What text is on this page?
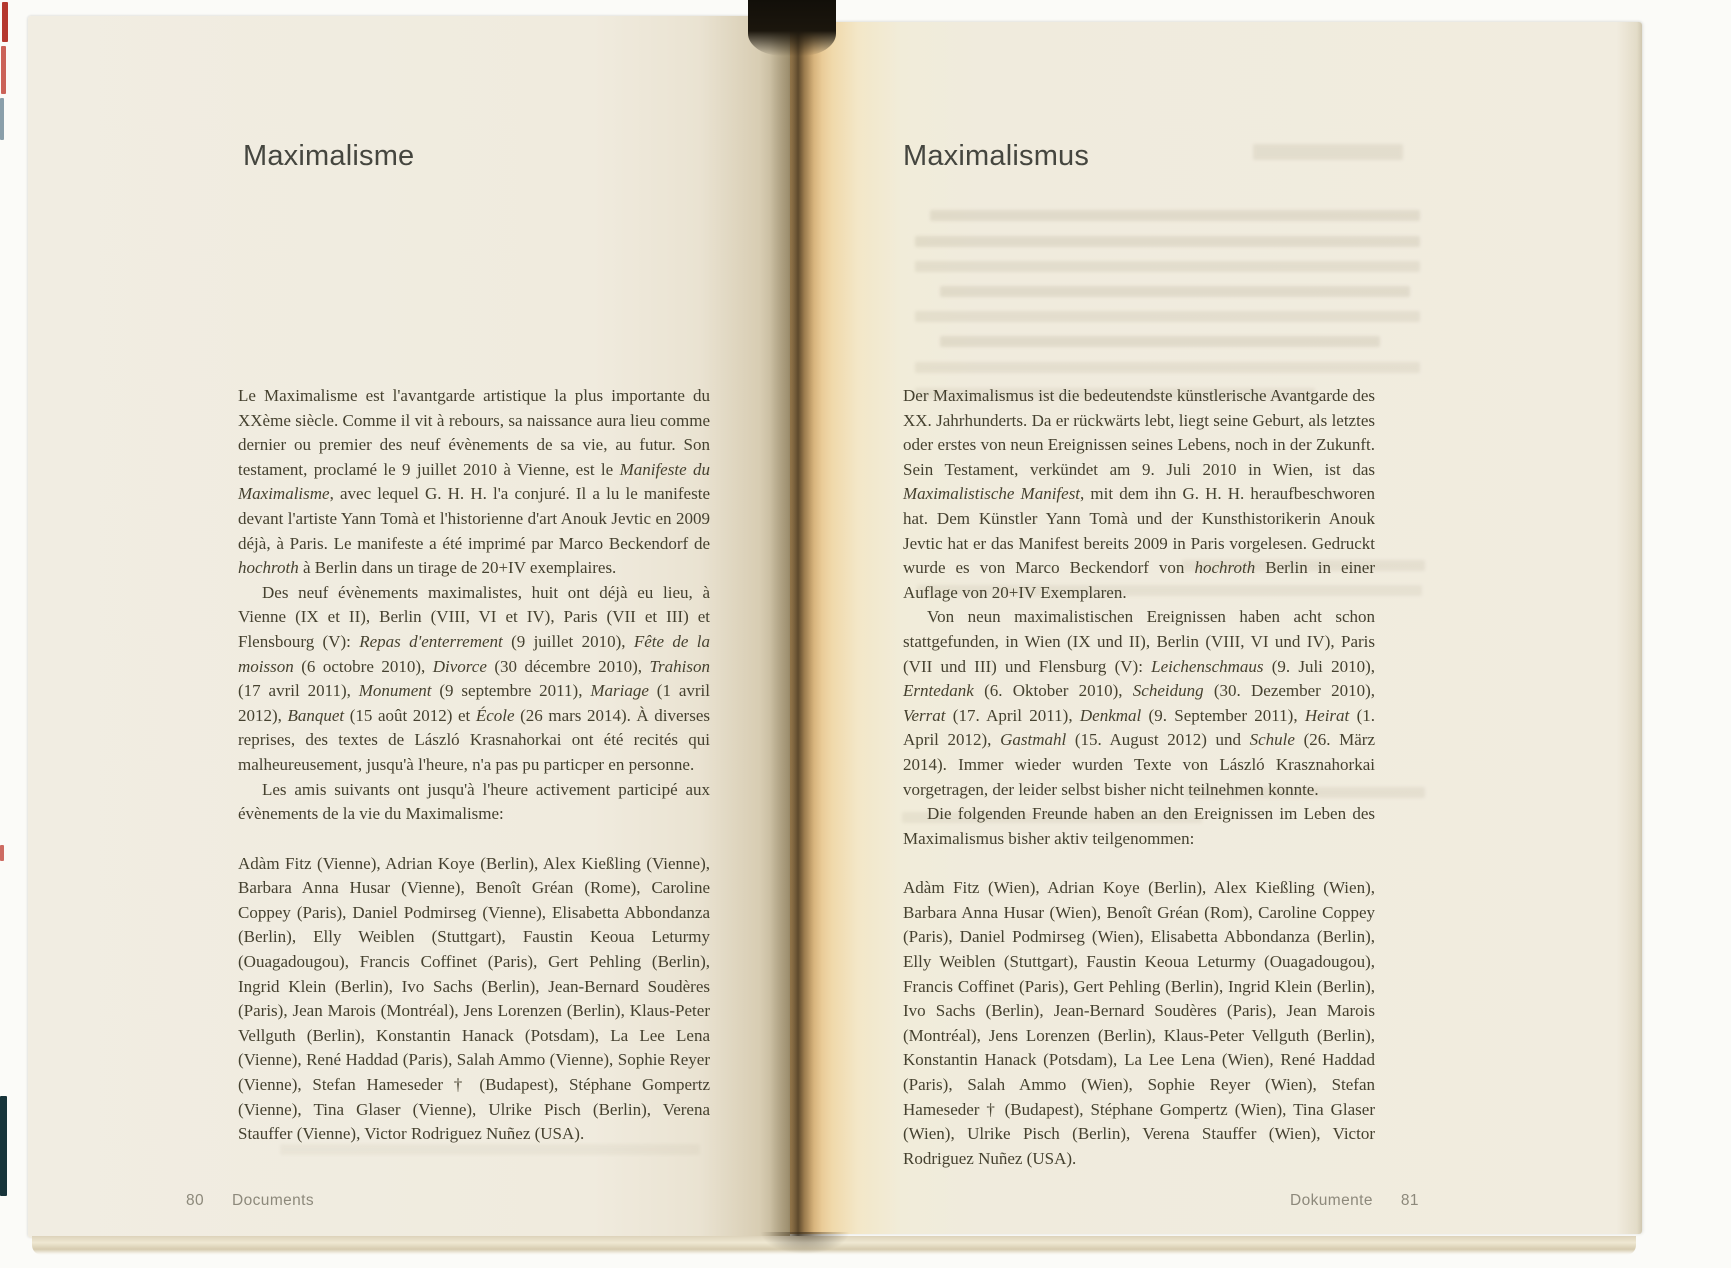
Maximalisme

Le Maximalisme est l'avantgarde artistique la plus importante du XXème siècle. Comme il vit à rebours, sa naissance aura lieu comme dernier ou premier des neuf évènements de sa vie, au futur. Son testament, proclamé le 9 juillet 2010 à Vienne, est le Manifeste du Maximalisme, avec lequel G. H. H. l'a conjuré. Il a lu le manifeste devant l'artiste Yann Tomà et l'historienne d'art Anouk Jevtic en 2009 déjà, à Paris. Le manifeste a été imprimé par Marco Beckendorf de hochroth à Berlin dans un tirage de 20+IV exemplaires.

Des neuf évènements maximalistes, huit ont déjà eu lieu, à Vienne (IX et II), Berlin (VIII, VI et IV), Paris (VII et III) et Flensbourg (V): Repas d'enterrement (9 juillet 2010), Fête de la moisson (6 octobre 2010), Divorce (30 décembre 2010), Trahison (17 avril 2011), Monument (9 septembre 2011), Mariage (1 avril 2012), Banquet (15 août 2012) et École (26 mars 2014). À diverses reprises, des textes de László Krasnahorkai ont été recités qui malheureusement, jusqu'à l'heure, n'a pas pu particper en personne.

Les amis suivants ont jusqu'à l'heure activement participé aux évènements de la vie du Maximalisme:

Adàm Fitz (Vienne), Adrian Koye (Berlin), Alex Kießling (Vienne), Barbara Anna Husar (Vienne), Benoît Gréan (Rome), Caroline Coppey (Paris), Daniel Podmirseg (Vienne), Elisabetta Abbondanza (Berlin), Elly Weiblen (Stuttgart), Faustin Keoua Leturmy (Ouagadougou), Francis Coffinet (Paris), Gert Pehling (Berlin), Ingrid Klein (Berlin), Ivo Sachs (Berlin), Jean-Bernard Soudères (Paris), Jean Marois (Montréal), Jens Lorenzen (Berlin), Klaus-Peter Vellguth (Berlin), Konstantin Hanack (Potsdam), La Lee Lena (Vienne), René Haddad (Paris), Salah Ammo (Vienne), Sophie Reyer (Vienne), Stefan Hameseder † (Budapest), Stéphane Gompertz (Vienne), Tina Glaser (Vienne), Ulrike Pisch (Berlin), Verena Stauffer (Vienne), Victor Rodriguez Nuñez (USA).

80 Documents
Maximalismus

Der Maximalismus ist die bedeutendste künstlerische Avantgarde des XX. Jahrhunderts. Da er rückwärts lebt, liegt seine Geburt, als letztes oder erstes von neun Ereignissen seines Lebens, noch in der Zukunft. Sein Testament, verkündet am 9. Juli 2010 in Wien, ist das Maximalistische Manifest, mit dem ihn G. H. H. heraufbeschworen hat. Dem Künstler Yann Tomà und der Kunsthistorikerin Anouk Jevtic hat er das Manifest bereits 2009 in Paris vorgelesen. Gedruckt wurde es von Marco Beckendorf von hochroth Berlin in einer Auflage von 20+IV Exemplaren.

Von neun maximalistischen Ereignissen haben acht schon stattgefunden, in Wien (IX und II), Berlin (VIII, VI und IV), Paris (VII und III) und Flensburg (V): Leichenschmaus (9. Juli 2010), Erntedank (6. Oktober 2010), Scheidung (30. Dezember 2010), Verrat (17. April 2011), Denkmal (9. September 2011), Heirat (1. April 2012), Gastmahl (15. August 2012) und Schule (26. März 2014). Immer wieder wurden Texte von László Krasznahorkai vorgetragen, der leider selbst bisher nicht teilnehmen konnte.

Die folgenden Freunde haben an den Ereignissen im Leben des Maximalismus bisher aktiv teilgenommen:

Adàm Fitz (Wien), Adrian Koye (Berlin), Alex Kießling (Wien), Barbara Anna Husar (Wien), Benoît Gréan (Rom), Caroline Coppey (Paris), Daniel Podmirseg (Wien), Elisabetta Abbondanza (Berlin), Elly Weiblen (Stuttgart), Faustin Keoua Leturmy (Ouagadougou), Francis Coffinet (Paris), Gert Pehling (Berlin), Ingrid Klein (Berlin), Ivo Sachs (Berlin), Jean-Bernard Soudères (Paris), Jean Marois (Montréal), Jens Lorenzen (Berlin), Klaus-Peter Vellguth (Berlin), Konstantin Hanack (Potsdam), La Lee Lena (Wien), René Haddad (Paris), Salah Ammo (Wien), Sophie Reyer (Wien), Stefan Hameseder † (Budapest), Stéphane Gompertz (Wien), Tina Glaser (Wien), Ulrike Pisch (Berlin), Verena Stauffer (Wien), Victor Rodriguez Nuñez (USA).

Dokumente 81
